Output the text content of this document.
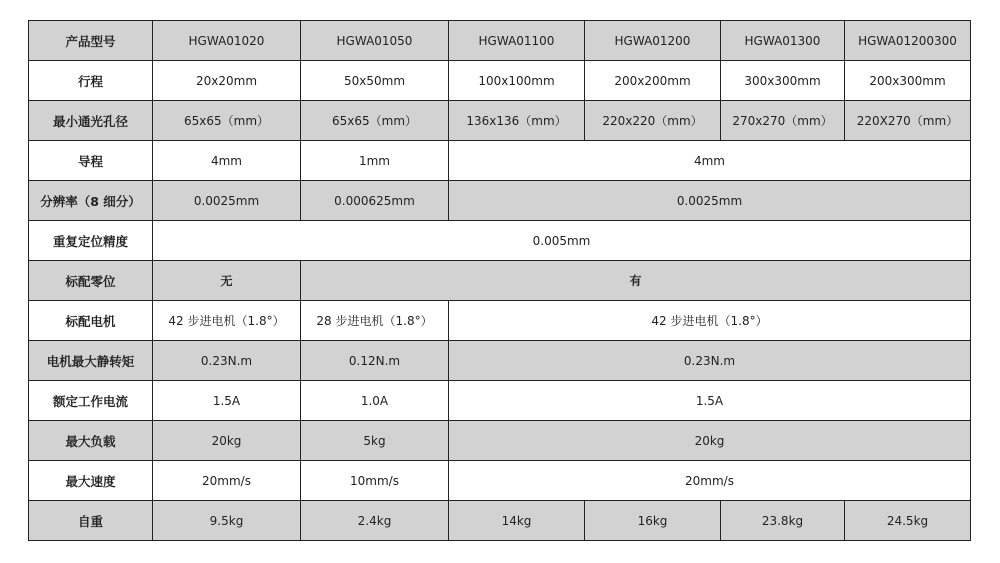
产品型号	HGWA01020	HGWA01050	HGWA01100	HGWA01200	HGWA01300	HGWA01200300
行程	20x20mm	50x50mm	100x100mm	200x200mm	300x300mm	200x300mm
最小通光孔径	65x65（mm）	65x65（mm）	136x136（mm）	220x220（mm）	270x270（mm）	220X270（mm）
导程	4mm	1mm	4mm			
分辨率（8 细分）	0.0025mm	0.000625mm	0.0025mm			
重复定位精度	0.005mm					
标配零位	无	有				
标配电机	42 步进电机（1.8°）	28 步进电机（1.8°）	42 步进电机（1.8°）			
电机最大静转矩	0.23N.m	0.12N.m	0.23N.m			
额定工作电流	1.5A	1.0A	1.5A			
最大负载	20kg	5kg	20kg			
最大速度	20mm/s	10mm/s	20mm/s			
自重	9.5kg	2.4kg	14kg	16kg	23.8kg	24.5kg
